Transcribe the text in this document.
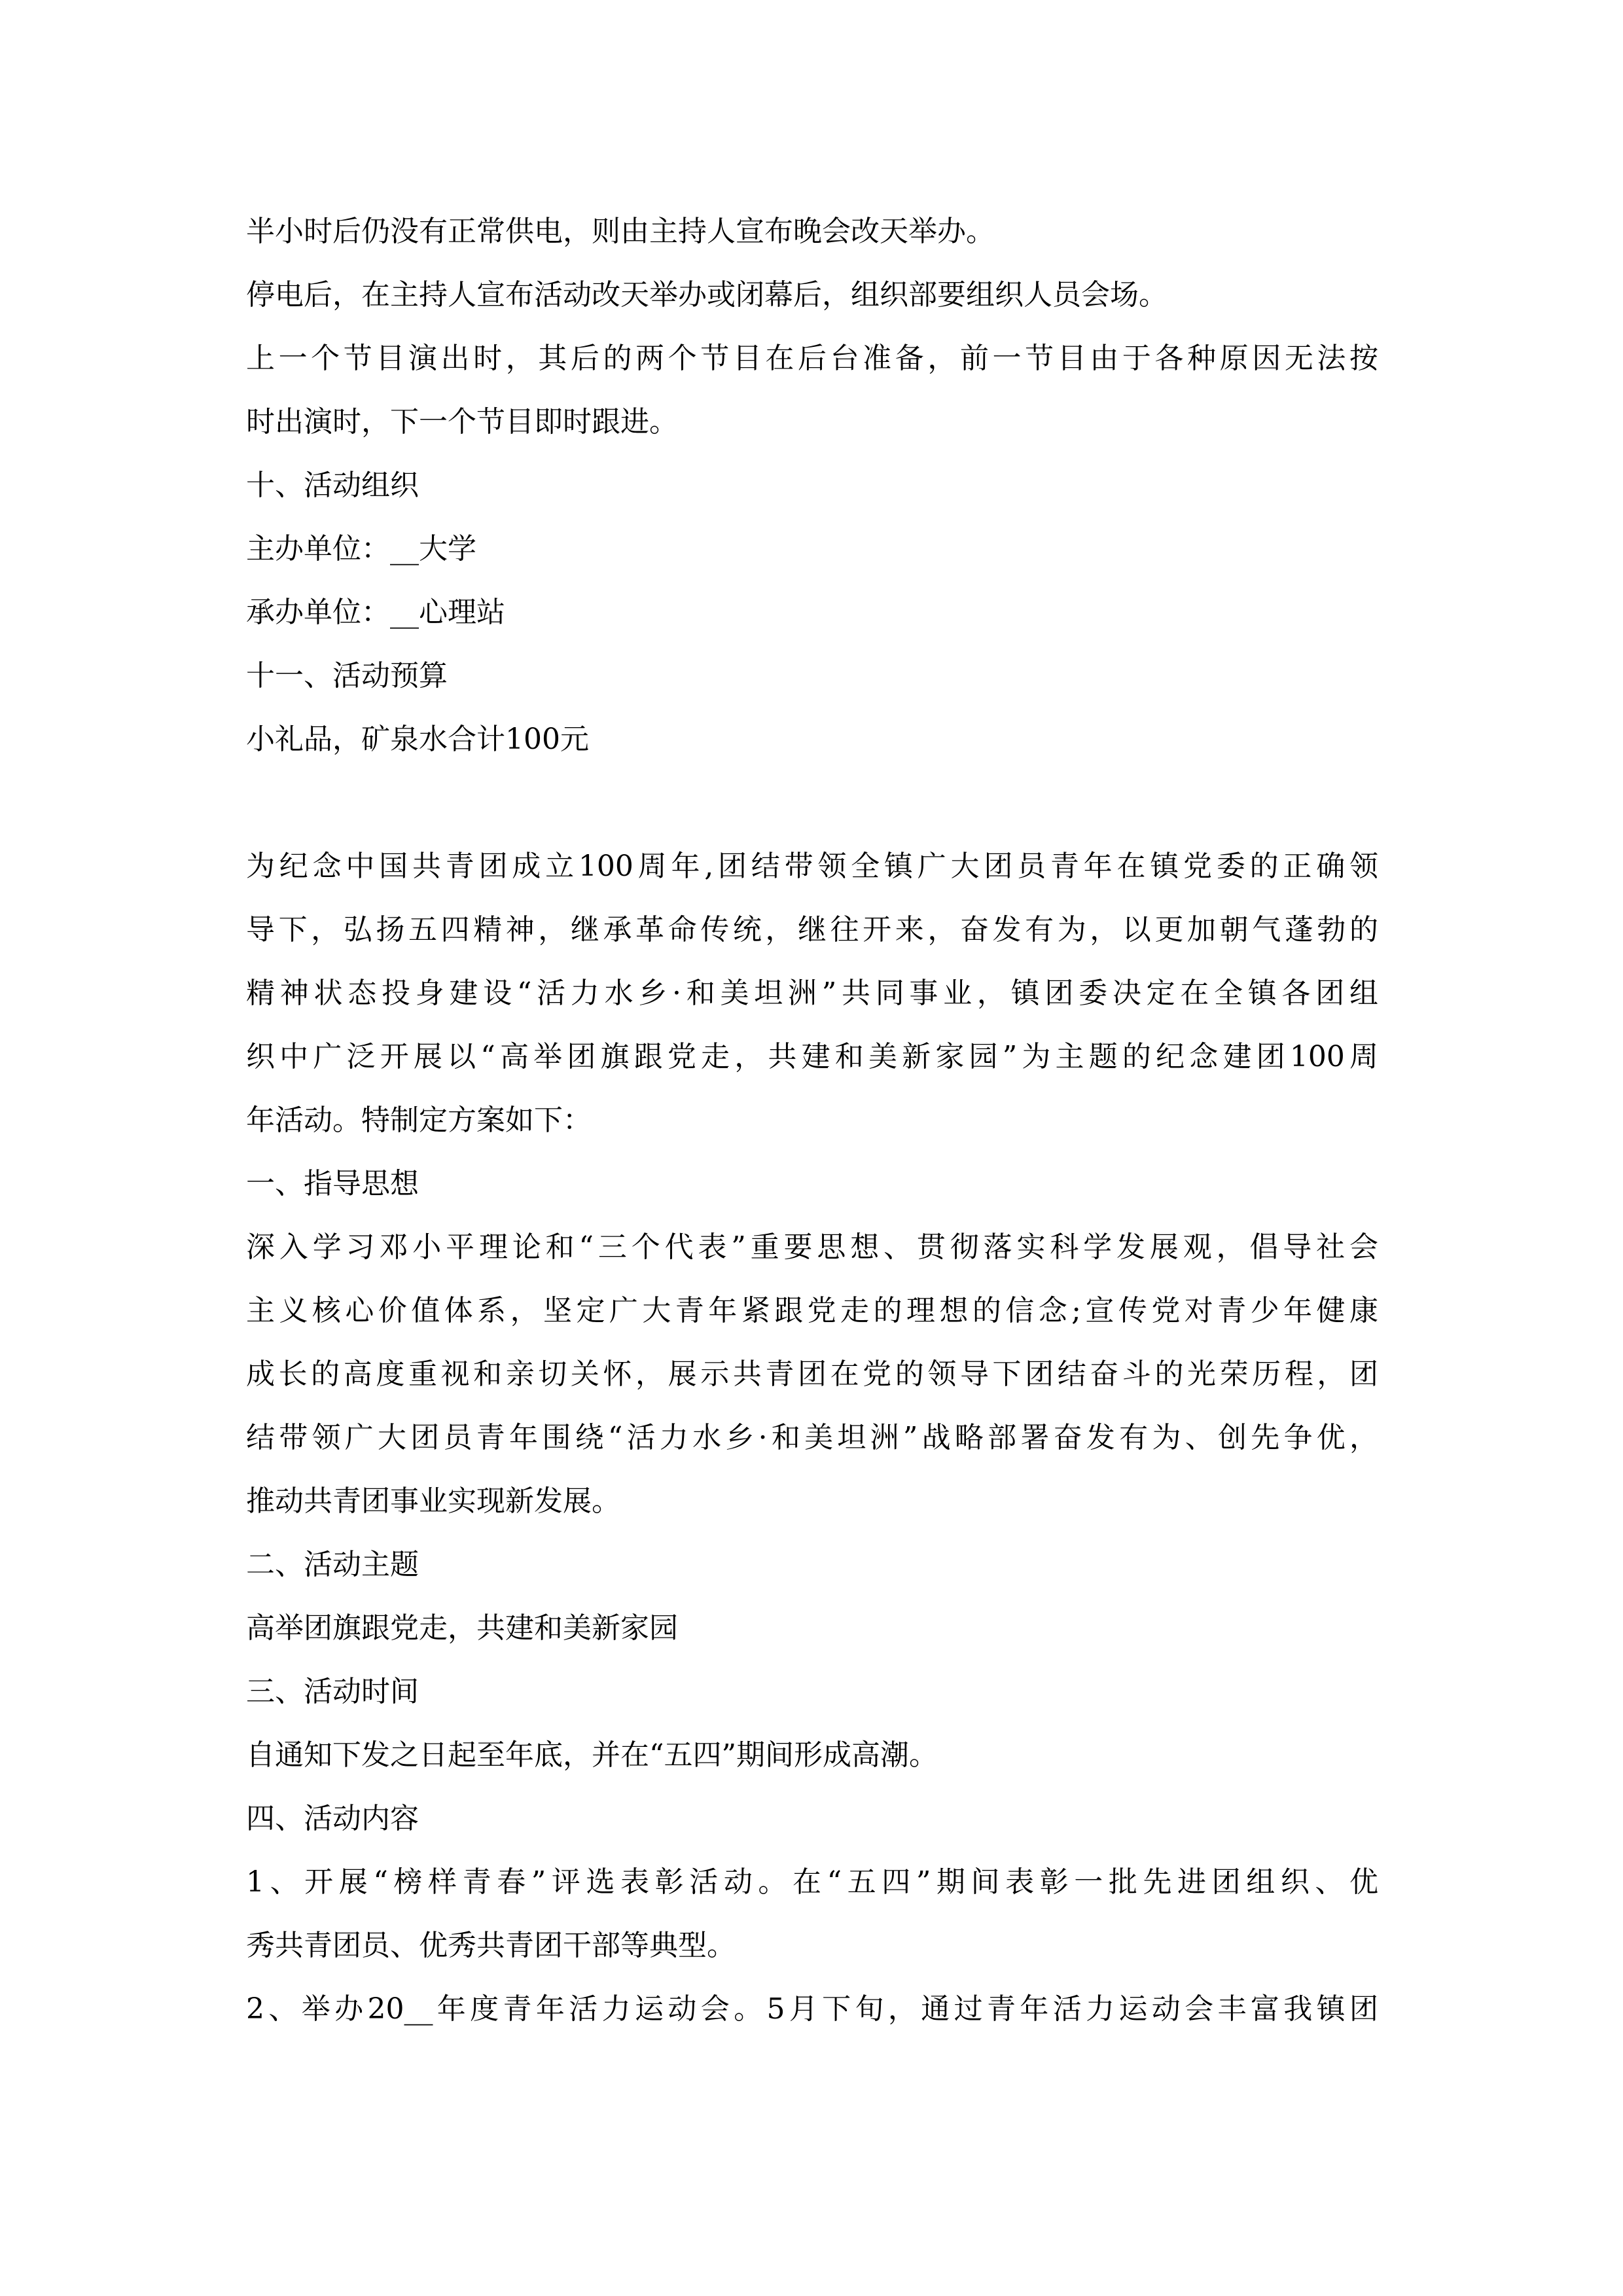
半小时后仍没有正常供电，则由主持人宣布晚会改天举办。
停电后，在主持人宣布活动改天举办或闭幕后，组织部要组织人员会场。
上一个节目演出时，其后的两个节目在后台准备，前一节目由于各种原因无法按
时出演时，下一个节目即时跟进。
十、活动组织
主办单位：__大学
承办单位：__心理站
十一、活动预算
小礼品，矿泉水合计100元
为纪念中国共青团成立100周年,团结带领全镇广大团员青年在镇党委的正确领
导下，弘扬五四精神，继承革命传统，继往开来，奋发有为，以更加朝气蓬勃的
精神状态投身建设“活力水乡·和美坦洲”共同事业，镇团委决定在全镇各团组
织中广泛开展以“高举团旗跟党走，共建和美新家园”为主题的纪念建团100周
年活动。特制定方案如下：
一、指导思想
深入学习邓小平理论和“三个代表”重要思想、贯彻落实科学发展观，倡导社会
主义核心价值体系，坚定广大青年紧跟党走的理想的信念;宣传党对青少年健康
成长的高度重视和亲切关怀，展示共青团在党的领导下团结奋斗的光荣历程，团
结带领广大团员青年围绕“活力水乡·和美坦洲”战略部署奋发有为、创先争优，
推动共青团事业实现新发展。
二、活动主题
高举团旗跟党走，共建和美新家园
三、活动时间
自通知下发之日起至年底，并在“五四”期间形成高潮。
四、活动内容
1、开展“榜样青春”评选表彰活动。在“五四”期间表彰一批先进团组织、优
秀共青团员、优秀共青团干部等典型。
2、举办20__年度青年活力运动会。5月下旬，通过青年活力运动会丰富我镇团
